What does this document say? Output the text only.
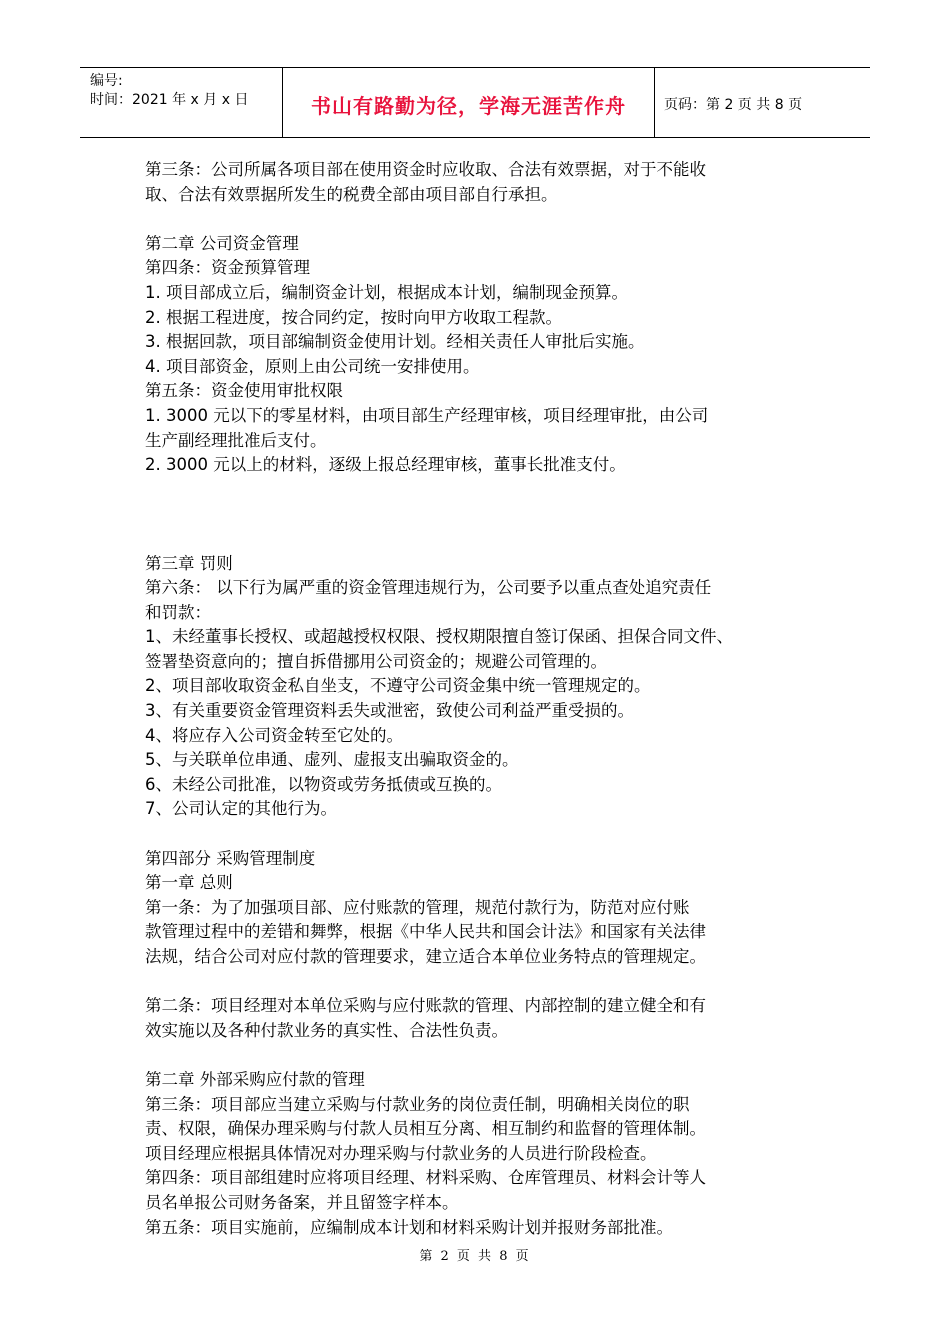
编号:
时间：2021 年 x 月 x 日	书山有路勤为径，学海无涯苦作舟	页码：第 2 页 共 8 页

第三条：公司所属各项目部在使用资金时应收取、合法有效票据，对于不能收

取、合法有效票据所发生的税费全部由项目部自行承担。

第二章 公司资金管理

第四条：资金预算管理

1. 项目部成立后，编制资金计划，根据成本计划，编制现金预算。

2. 根据工程进度，按合同约定，按时向甲方收取工程款。

3. 根据回款，项目部编制资金使用计划。经相关责任人审批后实施。

4. 项目部资金，原则上由公司统一安排使用。

第五条：资金使用审批权限

1. 3000 元以下的零星材料，由项目部生产经理审核，项目经理审批，由公司

生产副经理批准后支付。

2. 3000 元以上的材料，逐级上报总经理审核，董事长批准支付。

第三章 罚则

第六条： 以下行为属严重的资金管理违规行为，公司要予以重点查处追究责任

和罚款：

1、未经董事长授权、或超越授权权限、授权期限擅自签订保函、担保合同文件、

签署垫资意向的；擅自拆借挪用公司资金的；规避公司管理的。

2、项目部收取资金私自坐支，不遵守公司资金集中统一管理规定的。

3、有关重要资金管理资料丢失或泄密，致使公司利益严重受损的。

4、将应存入公司资金转至它处的。

5、与关联单位串通、虚列、虚报支出骗取资金的。

6、未经公司批准，以物资或劳务抵债或互换的。

7、公司认定的其他行为。

第四部分 采购管理制度

第一章 总则

第一条：为了加强项目部、应付账款的管理，规范付款行为，防范对应付账

款管理过程中的差错和舞弊，根据《中华人民共和国会计法》和国家有关法律

法规，结合公司对应付款的管理要求，建立适合本单位业务特点的管理规定。

第二条：项目经理对本单位采购与应付账款的管理、内部控制的建立健全和有

效实施以及各种付款业务的真实性、合法性负责。

第二章 外部采购应付款的管理

第三条：项目部应当建立采购与付款业务的岗位责任制，明确相关岗位的职

责、权限，确保办理采购与付款人员相互分离、相互制约和监督的管理体制。

项目经理应根据具体情况对办理采购与付款业务的人员进行阶段检查。

第四条：项目部组建时应将项目经理、材料采购、仓库管理员、材料会计等人

员名单报公司财务备案，并且留签字样本。

第五条：项目实施前，应编制成本计划和材料采购计划并报财务部批准。

第 2 页 共 8 页
